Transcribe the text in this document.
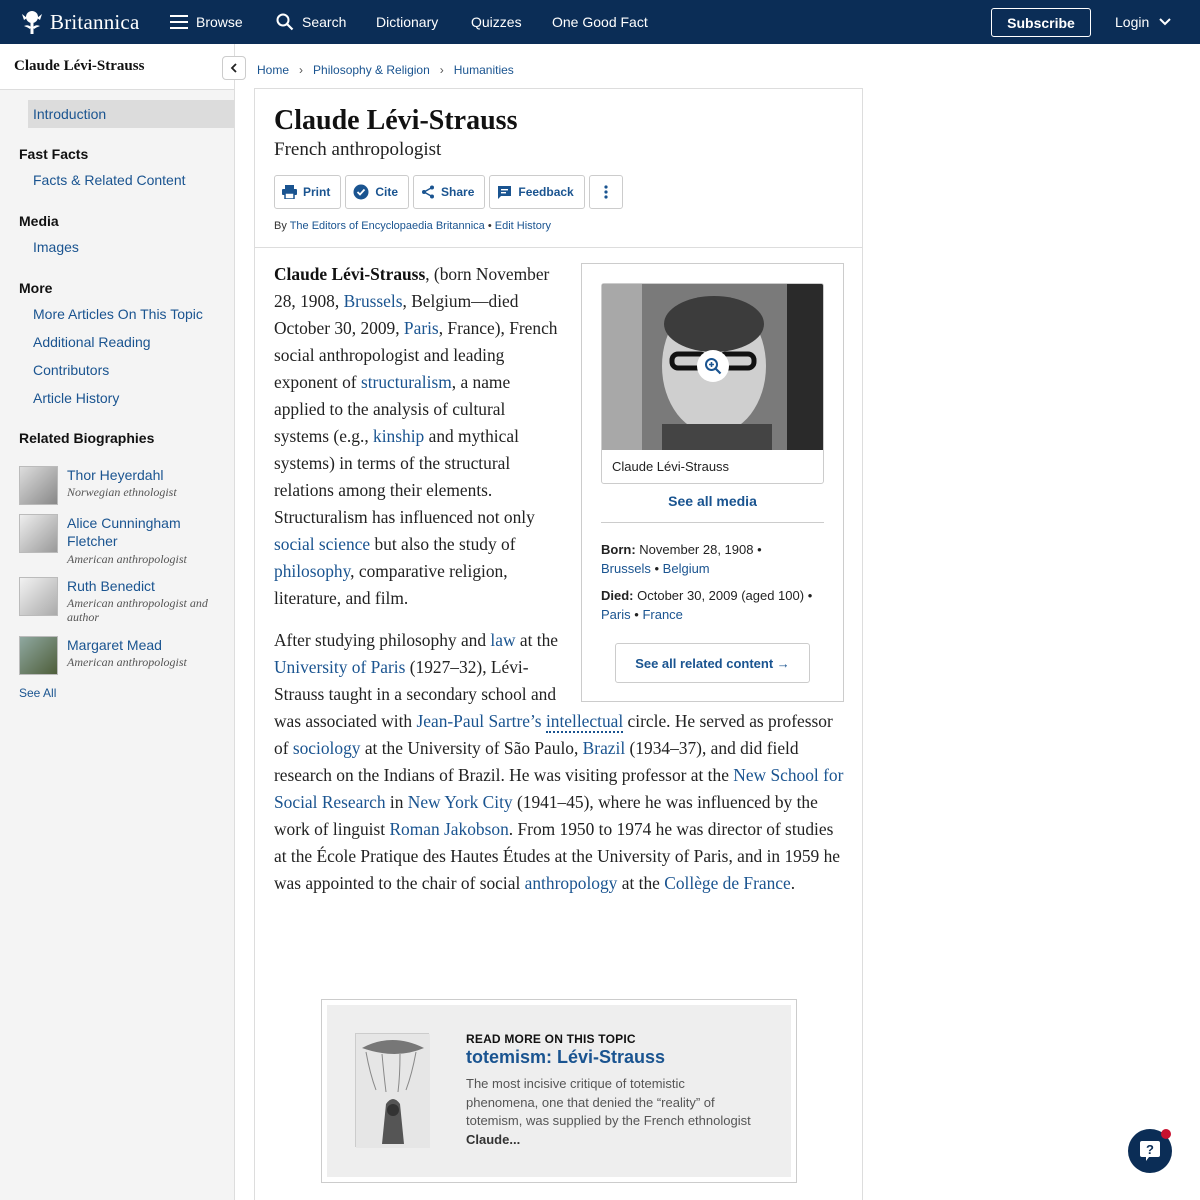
Britannica	Browse	Search Dictionary Quizzes One Good Fact	Subscribe	Login
Claude Lévi-Strauss
Introduction
Fast Facts
Facts & Related Content
Media
Images
More
More Articles On This Topic
Additional Reading
Contributors
Article History
Related Biographies
Thor Heyerdahl
Norwegian ethnologist
Alice Cunningham Fletcher
American anthropologist
Ruth Benedict
American anthropologist and author
Margaret Mead
American anthropologist
See All
Home › Philosophy & Religion › Humanities
Claude Lévi-Strauss
French anthropologist
Print	Cite	Share	Feedback
By The Editors of Encyclopaedia Britannica • Edit History

Claude Lévi-Strauss, (born November 28, 1908, Brussels, Belgium—died October 30, 2009, Paris, France), French social anthropologist and leading exponent of structuralism, a name applied to the analysis of cultural systems (e.g., kinship and mythical systems) in terms of the structural relations among their elements. Structuralism has influenced not only social science but also the study of philosophy, comparative religion, literature, and film.

After studying philosophy and law at the University of Paris (1927–32), Lévi-Strauss taught in a secondary school and was associated with Jean-Paul Sartre’s intellectual circle. He served as professor of sociology at the University of São Paulo, Brazil (1934–37), and did field research on the Indians of Brazil. He was visiting professor at the New School for Social Research in New York City (1941–45), where he was influenced by the work of linguist Roman Jakobson. From 1950 to 1974 he was director of studies at the École Pratique des Hautes Études at the University of Paris, and in 1959 he was appointed to the chair of social anthropology at the Collège de France.

Claude Lévi-Strauss
See all media
Born: November 28, 1908 •
Brussels • Belgium
Died: October 30, 2009 (aged 100) • Paris • France
See all related content →
READ MORE ON THIS TOPIC
totemism: Lévi-Strauss
The most incisive critique of totemistic phenomena, one that denied the “reality” of totemism, was supplied by the French ethnologist Claude...
?
